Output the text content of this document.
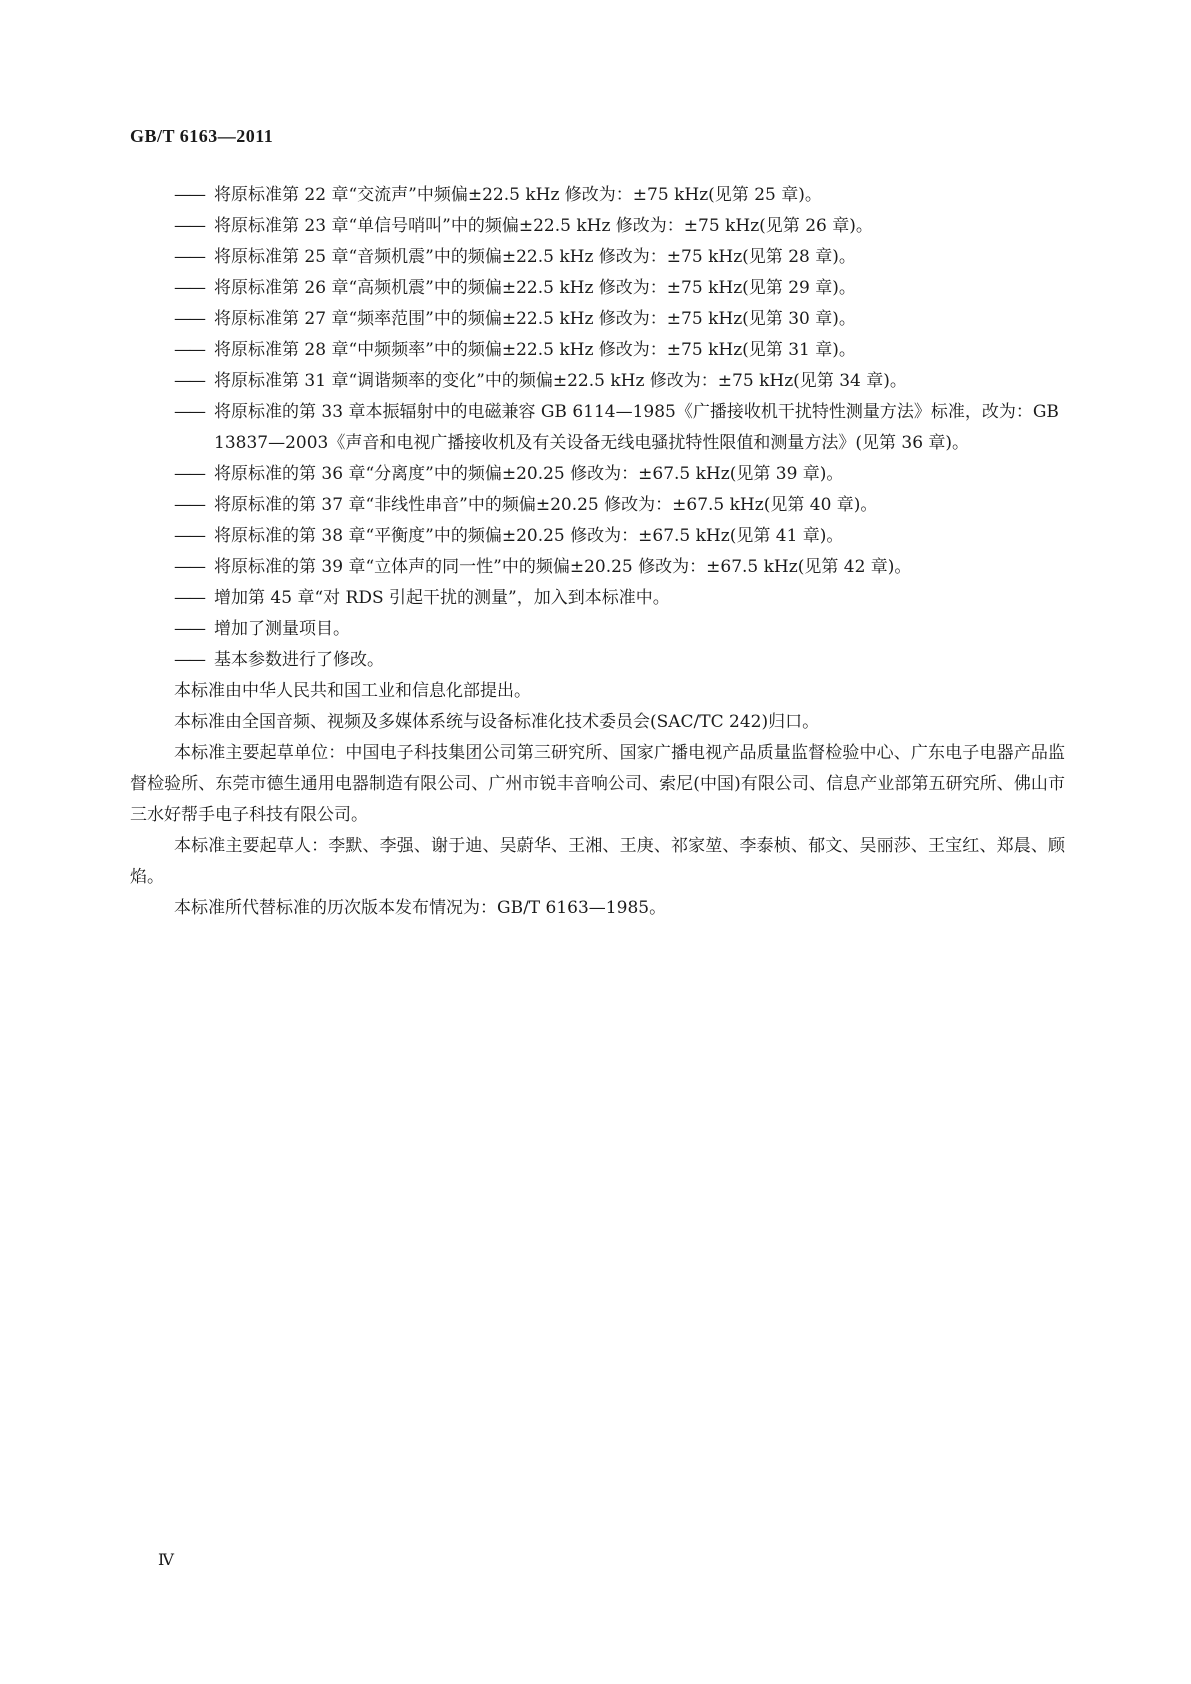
GB/T 6163—2011

—— 将原标准第 22 章“交流声”中频偏±22.5 kHz 修改为：±75 kHz(见第 25 章)。

—— 将原标准第 23 章“单信号哨叫”中的频偏±22.5 kHz 修改为：±75 kHz(见第 26 章)。

—— 将原标准第 25 章“音频机震”中的频偏±22.5 kHz 修改为：±75 kHz(见第 28 章)。

—— 将原标准第 26 章“高频机震”中的频偏±22.5 kHz 修改为：±75 kHz(见第 29 章)。

—— 将原标准第 27 章“频率范围”中的频偏±22.5 kHz 修改为：±75 kHz(见第 30 章)。

—— 将原标准第 28 章“中频频率”中的频偏±22.5 kHz 修改为：±75 kHz(见第 31 章)。

—— 将原标准第 31 章“调谐频率的变化”中的频偏±22.5 kHz 修改为：±75 kHz(见第 34 章)。

—— 将原标准的第 33 章本振辐射中的电磁兼容 GB 6114—1985《广播接收机干扰特性测量方法》标准，改为：GB 13837—2003《声音和电视广播接收机及有关设备无线电骚扰特性限值和测量方法》(见第 36 章)。

—— 将原标准的第 36 章“分离度”中的频偏±20.25 修改为：±67.5 kHz(见第 39 章)。

—— 将原标准的第 37 章“非线性串音”中的频偏±20.25 修改为：±67.5 kHz(见第 40 章)。

—— 将原标准的第 38 章“平衡度”中的频偏±20.25 修改为：±67.5 kHz(见第 41 章)。

—— 将原标准的第 39 章“立体声的同一性”中的频偏±20.25 修改为：±67.5 kHz(见第 42 章)。

—— 增加第 45 章“对 RDS 引起干扰的测量”，加入到本标准中。

—— 增加了测量项目。

—— 基本参数进行了修改。

本标准由中华人民共和国工业和信息化部提出。

本标准由全国音频、视频及多媒体系统与设备标准化技术委员会(SAC/TC 242)归口。

本标准主要起草单位：中国电子科技集团公司第三研究所、国家广播电视产品质量监督检验中心、广东电子电器产品监督检验所、东莞市德生通用电器制造有限公司、广州市锐丰音响公司、索尼(中国)有限公司、信息产业部第五研究所、佛山市三水好帮手电子科技有限公司。

本标准主要起草人：李默、李强、谢于迪、吴蔚华、王湘、王庚、祁家堃、李泰桢、郁文、吴丽莎、王宝红、郑晨、顾焰。

本标准所代替标准的历次版本发布情况为：GB/T 6163—1985。

Ⅳ
